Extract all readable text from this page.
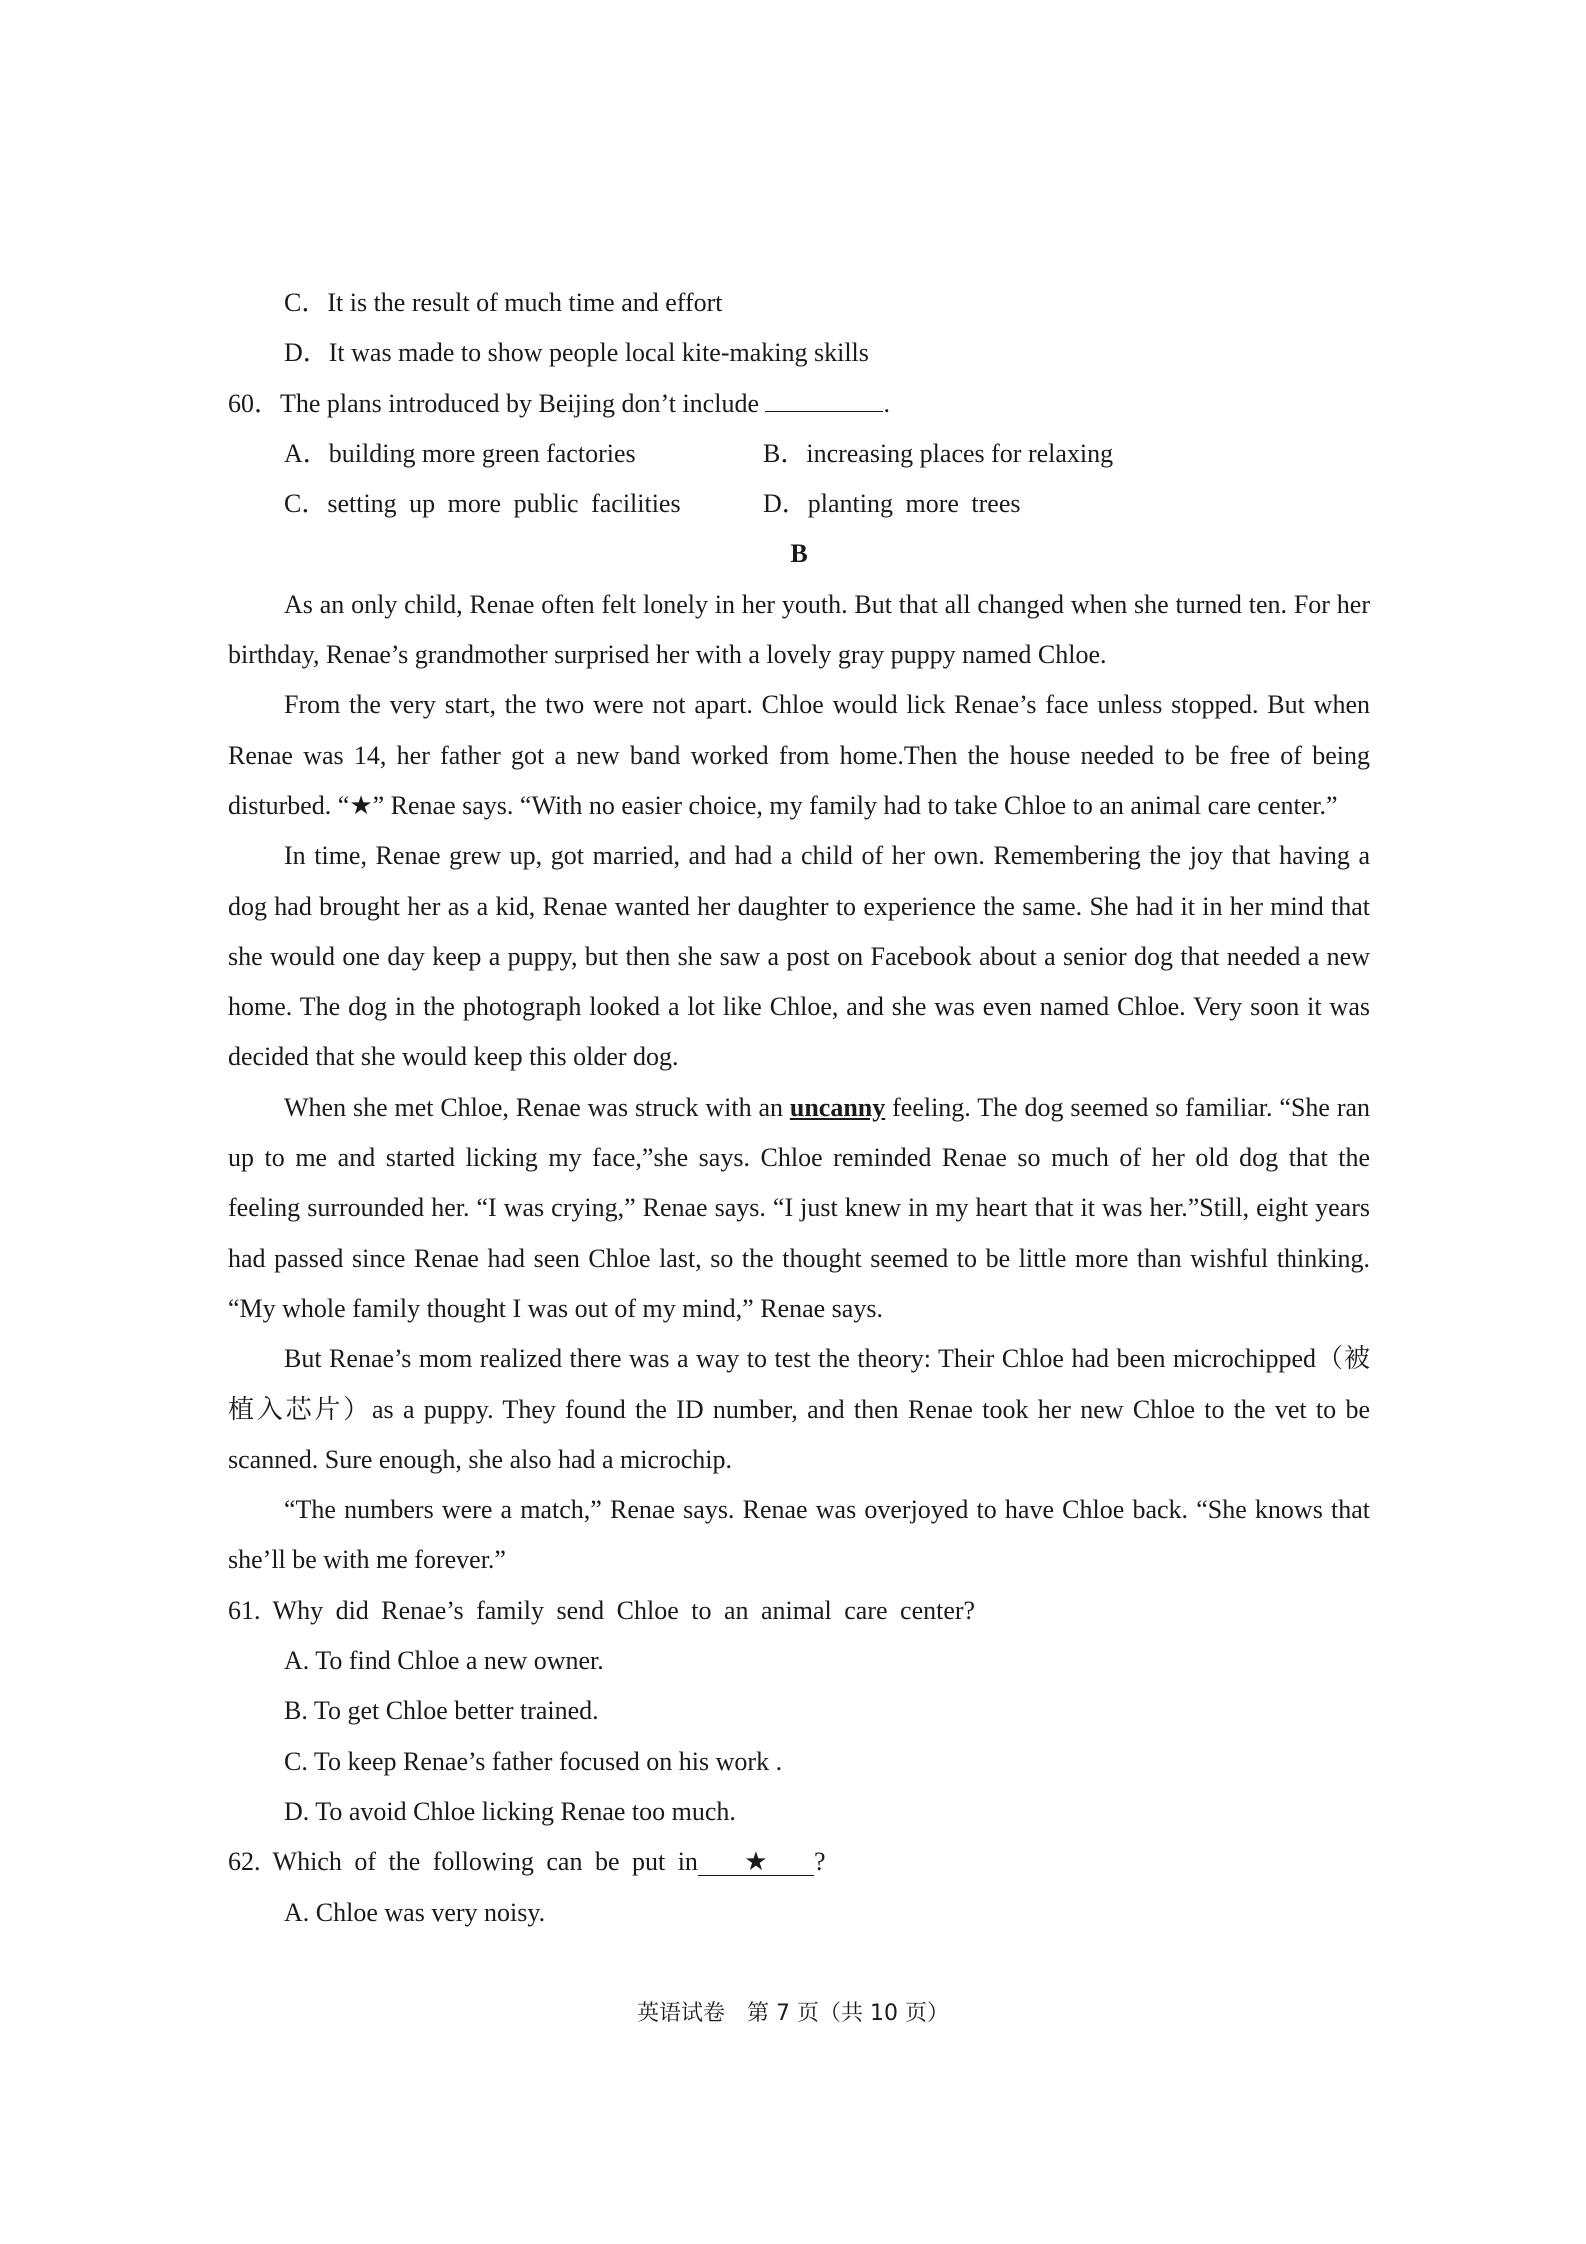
C．It is the result of much time and effort
D．It was made to show people local kite-making skills
60．The plans introduced by Beijing don’t include	.
A．building more green factories	B．increasing places for relaxing
C．setting up more public facilities	D．planting more trees
B

As an only child, Renae often felt lonely in her youth. But that all changed when she turned ten. For her birthday, Renae’s grandmother surprised her with a lovely gray puppy named Chloe.

From the very start, the two were not apart. Chloe would lick Renae’s face unless stopped. But when Renae was 14, her father got a new band worked from home.Then the house needed to be free of being disturbed. “★” Renae says. “With no easier choice, my family had to take Chloe to an animal care center.”

In time, Renae grew up, got married, and had a child of her own. Remembering the joy that having a dog had brought her as a kid, Renae wanted her daughter to experience the same. She had it in her mind that she would one day keep a puppy, but then she saw a post on Facebook about a senior dog that needed a new home. The dog in the photograph looked a lot like Chloe, and she was even named Chloe. Very soon it was decided that she would keep this older dog.

When she met Chloe, Renae was struck with an uncanny feeling. The dog seemed so familiar. “She ran up to me and started licking my face,”she says. Chloe reminded Renae so much of her old dog that the feeling surrounded her. “I was crying,” Renae says. “I just knew in my heart that it was her.”Still, eight years had passed since Renae had seen Chloe last, so the thought seemed to be little more than wishful thinking. “My whole family thought I was out of my mind,” Renae says.

But Renae’s mom realized there was a way to test the theory: Their Chloe had been microchipped（被植入芯片）as a puppy. They found the ID number, and then Renae took her new Chloe to the vet to be scanned. Sure enough, she also had a microchip.

“The numbers were a match,” Renae says. Renae was overjoyed to have Chloe back. “She knows that she’ll be with me forever.”

61. Why did Renae’s family send Chloe to an animal care center?
A. To find Chloe a new owner.
B. To get Chloe better trained.
C. To keep Renae’s father focused on his work .
D. To avoid Chloe licking Renae too much.
62. Which of the following can be put in ★ ?
A. Chloe was very noisy.
英语试卷　第 7 页（共 10 页）
